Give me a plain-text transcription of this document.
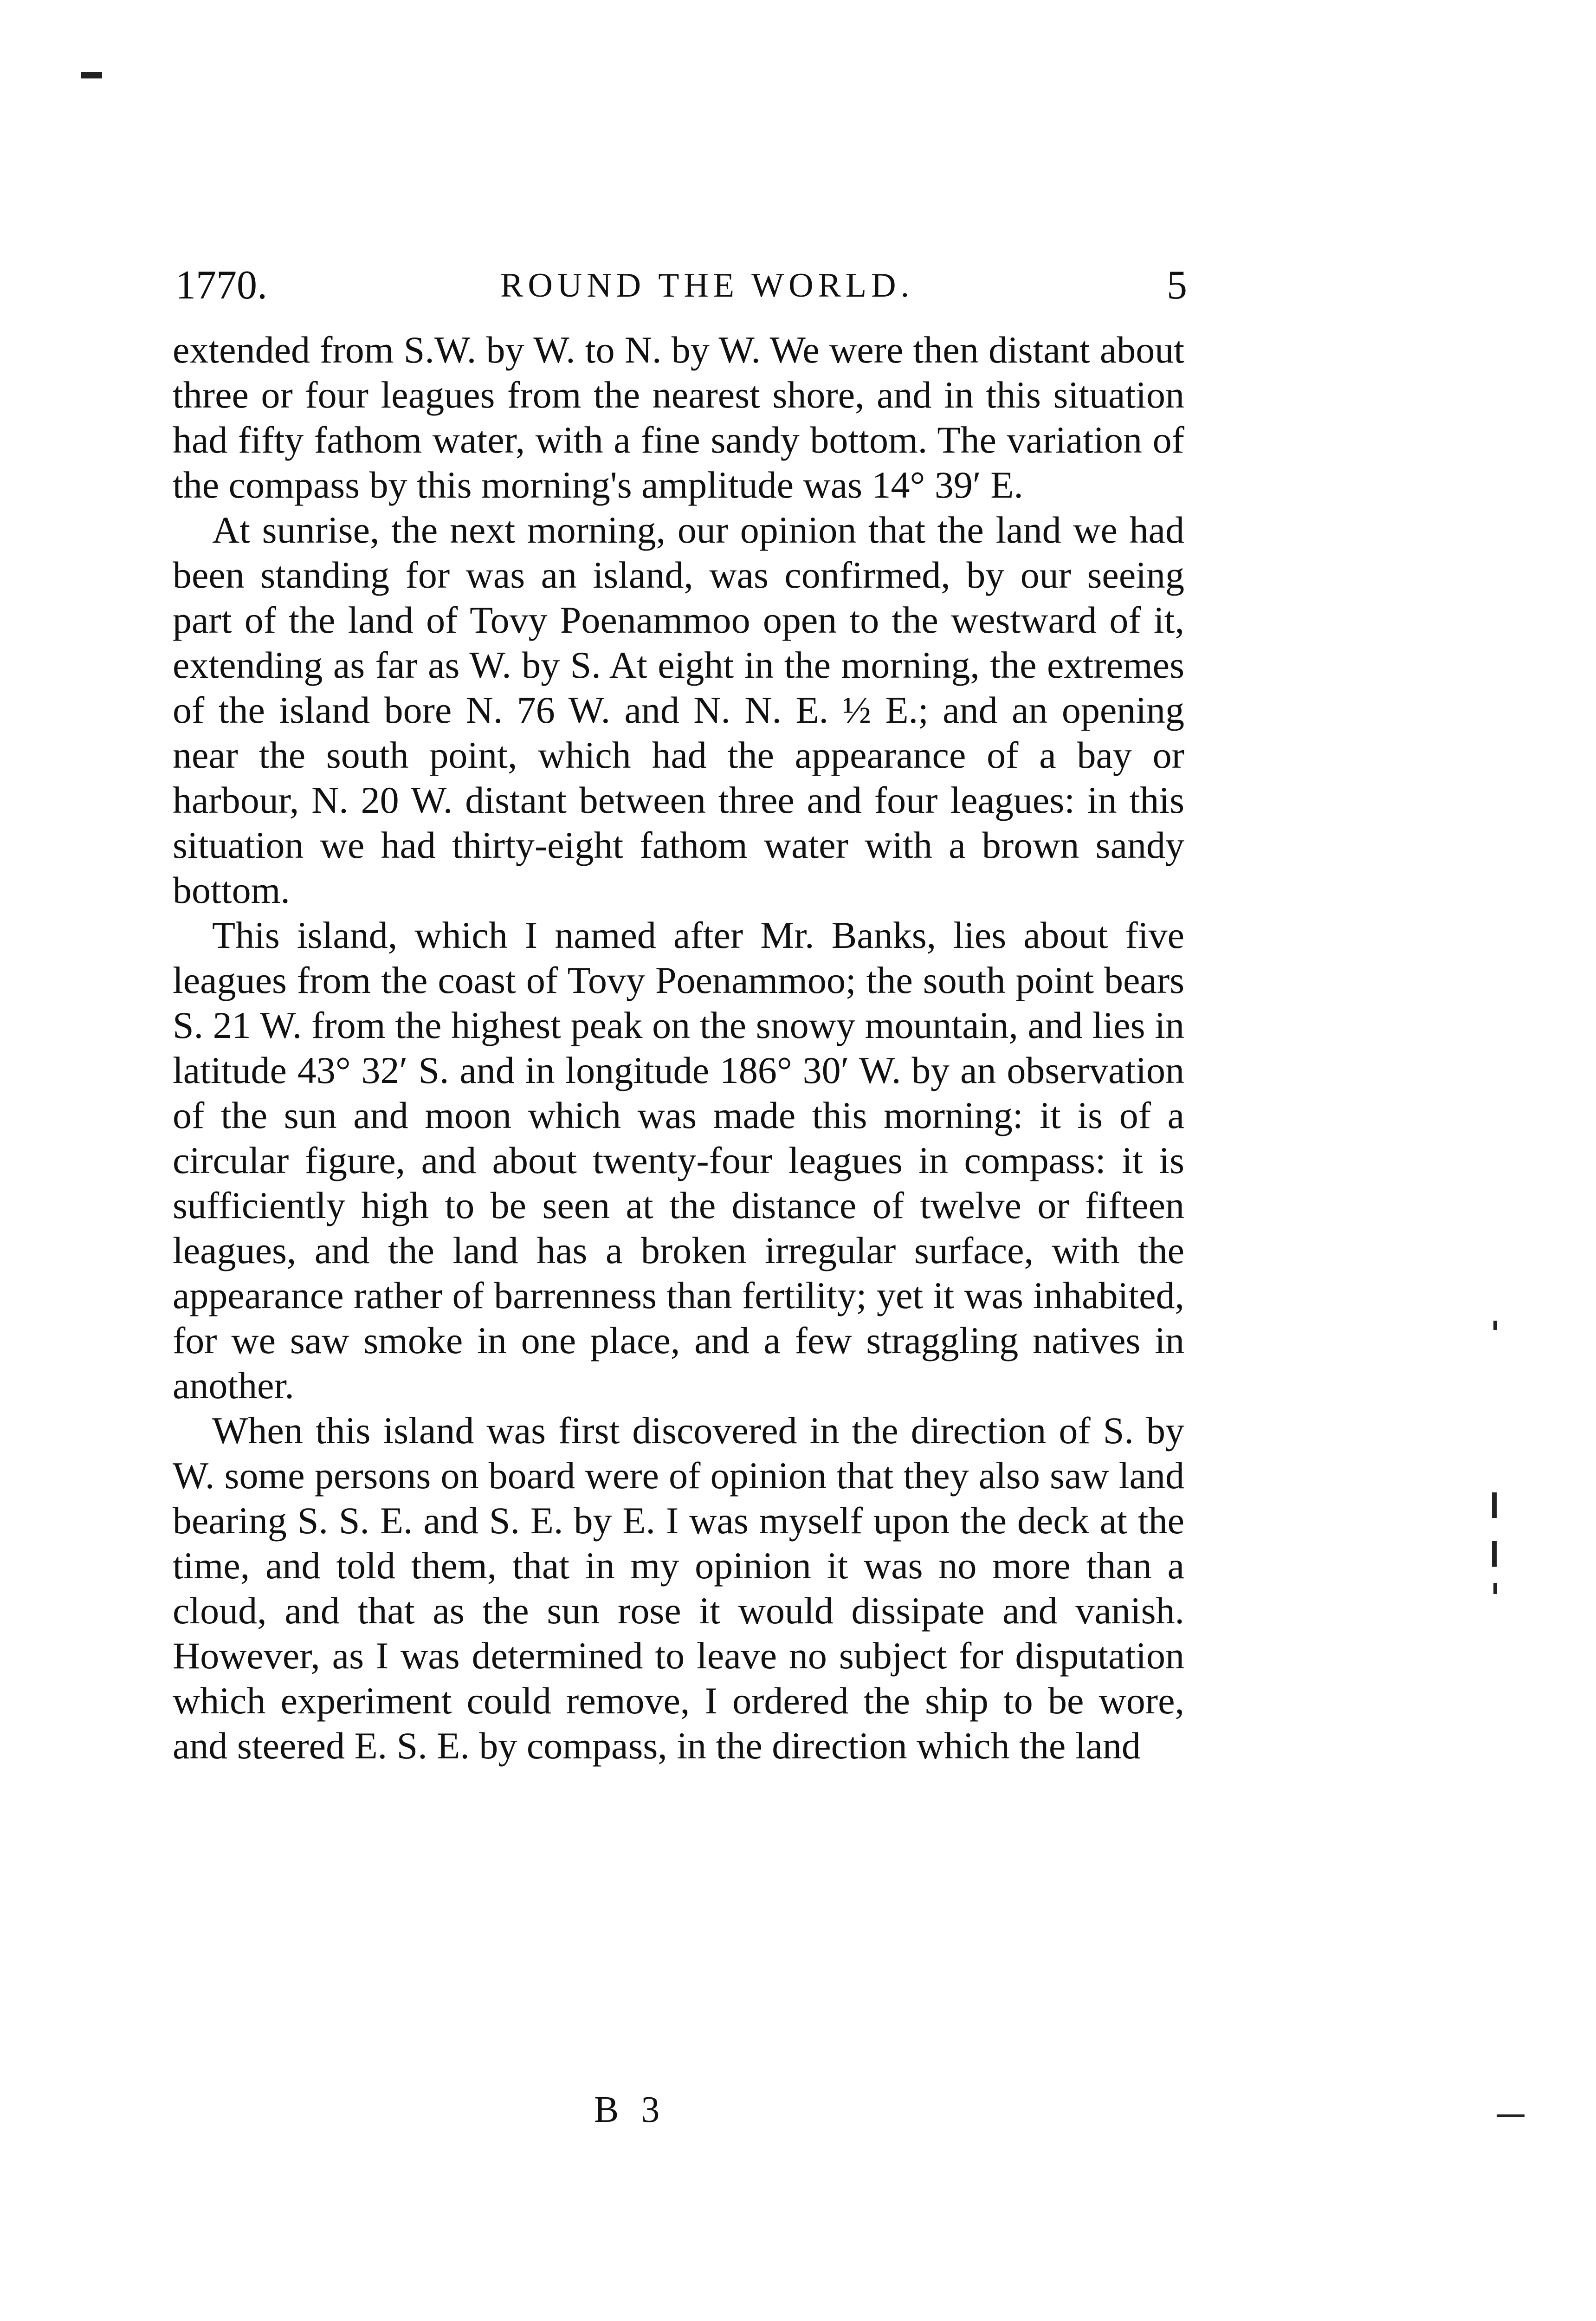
1770.	ROUND THE WORLD.	5

extended from S.W. by W. to N. by W. We were then distant about three or four leagues from the nearest shore, and in this situation had fifty fathom water, with a fine sandy bottom. The variation of the compass by this morning's amplitude was 14° 39′ E.

At sunrise, the next morning, our opinion that the land we had been standing for was an island, was confirmed, by our seeing part of the land of Tovy Poenammoo open to the westward of it, extending as far as W. by S. At eight in the morning, the extremes of the island bore N. 76 W. and N. N. E. ½ E.; and an opening near the south point, which had the appearance of a bay or harbour, N. 20 W. distant between three and four leagues: in this situation we had thirty-eight fathom water with a brown sandy bottom.

This island, which I named after Mr. Banks, lies about five leagues from the coast of Tovy Poenammoo; the south point bears S. 21 W. from the highest peak on the snowy mountain, and lies in latitude 43° 32′ S. and in longitude 186° 30′ W. by an observation of the sun and moon which was made this morning: it is of a circular figure, and about twenty-four leagues in compass: it is sufficiently high to be seen at the distance of twelve or fifteen leagues, and the land has a broken irregular surface, with the appearance rather of barrenness than fertility; yet it was inhabited, for we saw smoke in one place, and a few straggling natives in another.

When this island was first discovered in the direction of S. by W. some persons on board were of opinion that they also saw land bearing S. S. E. and S. E. by E. I was myself upon the deck at the time, and told them, that in my opinion it was no more than a cloud, and that as the sun rose it would dissipate and vanish. However, as I was determined to leave no subject for disputation which experiment could remove, I ordered the ship to be wore, and steered E. S. E. by compass, in the direction which the land

B 3
